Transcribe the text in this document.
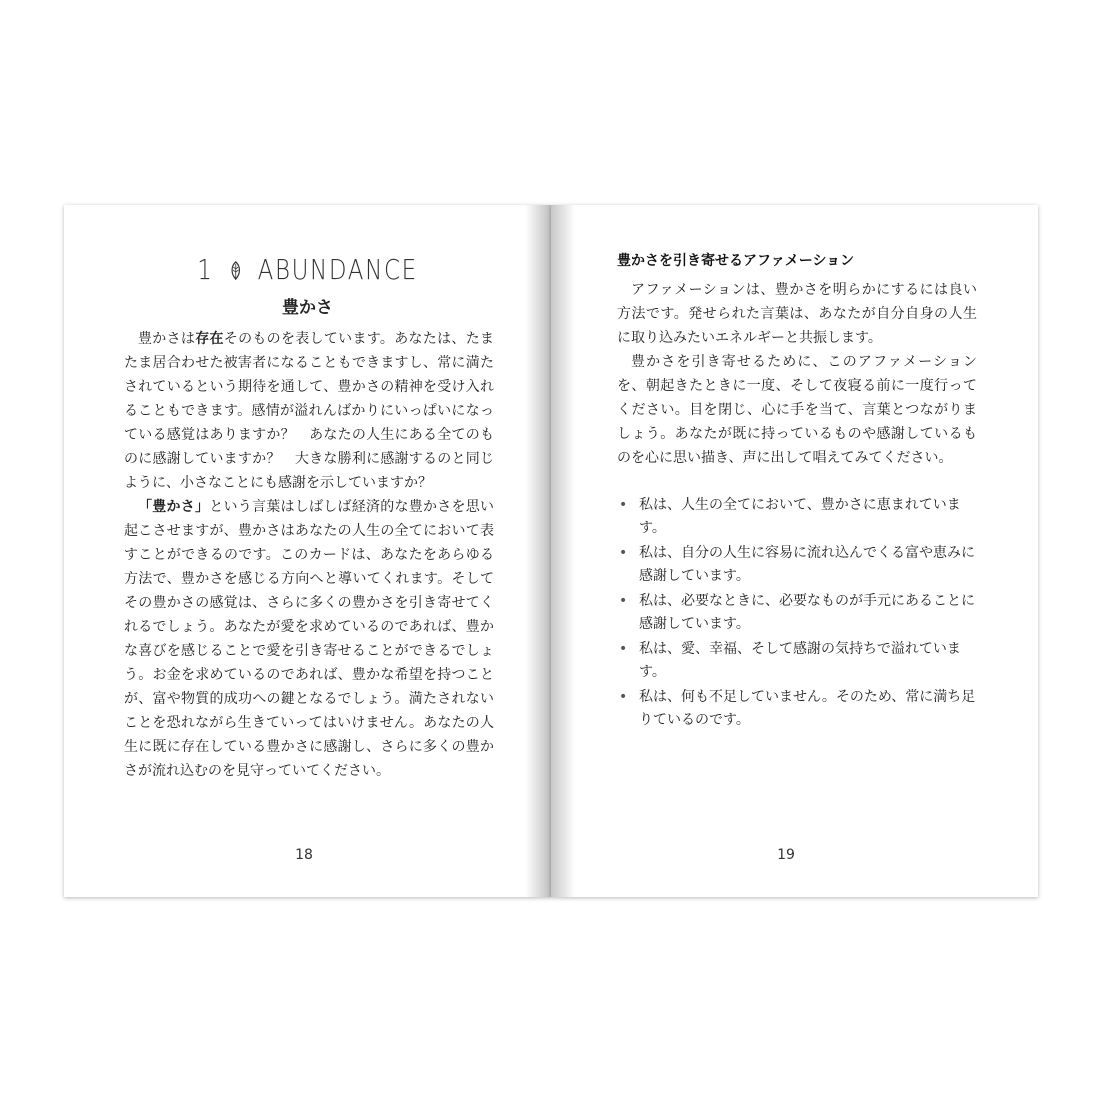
1 ABUNDANCE
豊かさ

豊かさは存在そのものを表しています。あなたは、たまたま居合わせた被害者になることもできますし、常に満たされているという期待を通して、豊かさの精神を受け入れることもできます。感情が溢れんばかりにいっぱいになっている感覚はありますか？　あなたの人生にある全てのものに感謝していますか？　大きな勝利に感謝するのと同じように、小さなことにも感謝を示していますか？

「豊かさ」という言葉はしばしば経済的な豊かさを思い起こさせますが、豊かさはあなたの人生の全てにおいて表すことができるのです。このカードは、あなたをあらゆる方法で、豊かさを感じる方向へと導いてくれます。そしてその豊かさの感覚は、さらに多くの豊かさを引き寄せてくれるでしょう。あなたが愛を求めているのであれば、豊かな喜びを感じることで愛を引き寄せることができるでしょう。お金を求めているのであれば、豊かな希望を持つことが、富や物質的成功への鍵となるでしょう。満たされないことを恐れながら生きていってはいけません。あなたの人生に既に存在している豊かさに感謝し、さらに多くの豊かさが流れ込むのを見守っていてください。

18
豊かさを引き寄せるアファメーション

アファメーションは、豊かさを明らかにするには良い方法です。発せられた言葉は、あなたが自分自身の人生に取り込みたいエネルギーと共振します。

豊かさを引き寄せるために、このアファメーションを、朝起きたときに一度、そして夜寝る前に一度行ってください。目を閉じ、心に手を当て、言葉とつながりましょう。あなたが既に持っているものや感謝しているものを心に思い描き、声に出して唱えてみてください。

• 私は、人生の全てにおいて、豊かさに恵まれています。
• 私は、自分の人生に容易に流れ込んでくる富や恵みに感謝しています。
• 私は、必要なときに、必要なものが手元にあることに感謝しています。
• 私は、愛、幸福、そして感謝の気持ちで溢れています。
• 私は、何も不足していません。そのため、常に満ち足りているのです。
19
